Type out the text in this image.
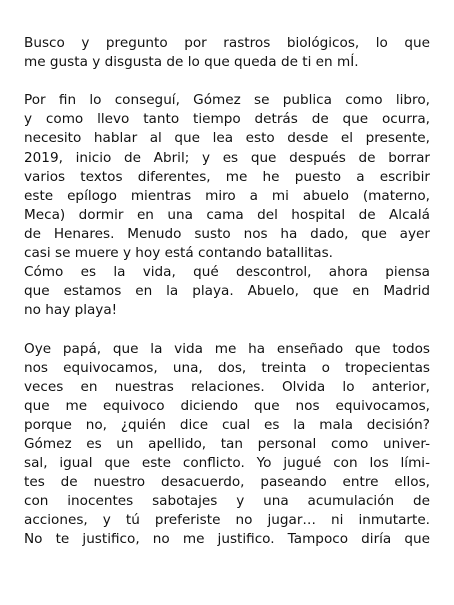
Busco y pregunto por rastros biológicos, lo que
me gusta y disgusta de lo que queda de ti en mÍ.

Por fin lo conseguí, Gómez se publica como libro,
y como llevo tanto tiempo detrás de que ocurra,
necesito hablar al que lea esto desde el presente,
2019, inicio de Abril; y es que después de borrar
varios textos diferentes, me he puesto a escribir
este epílogo mientras miro a mi abuelo (materno,
Meca) dormir en una cama del hospital de Alcalá
de Henares. Menudo susto nos ha dado, que ayer
casi se muere y hoy está contando batallitas.
Cómo es la vida, qué descontrol, ahora piensa
que estamos en la playa. Abuelo, que en Madrid
no hay playa!

Oye papá, que la vida me ha enseñado que todos
nos equivocamos, una, dos, treinta o tropecientas
veces en nuestras relaciones. Olvida lo anterior,
que me equivoco diciendo que nos equivocamos,
porque no, ¿quién dice cual es la mala decisión?
Gómez es un apellido, tan personal como univer-
sal, igual que este conflicto. Yo jugué con los lími-
tes de nuestro desacuerdo, paseando entre ellos,
con inocentes sabotajes y una acumulación de
acciones, y tú preferiste no jugar… ni inmutarte.
No te justifico, no me justifico. Tampoco diría que
